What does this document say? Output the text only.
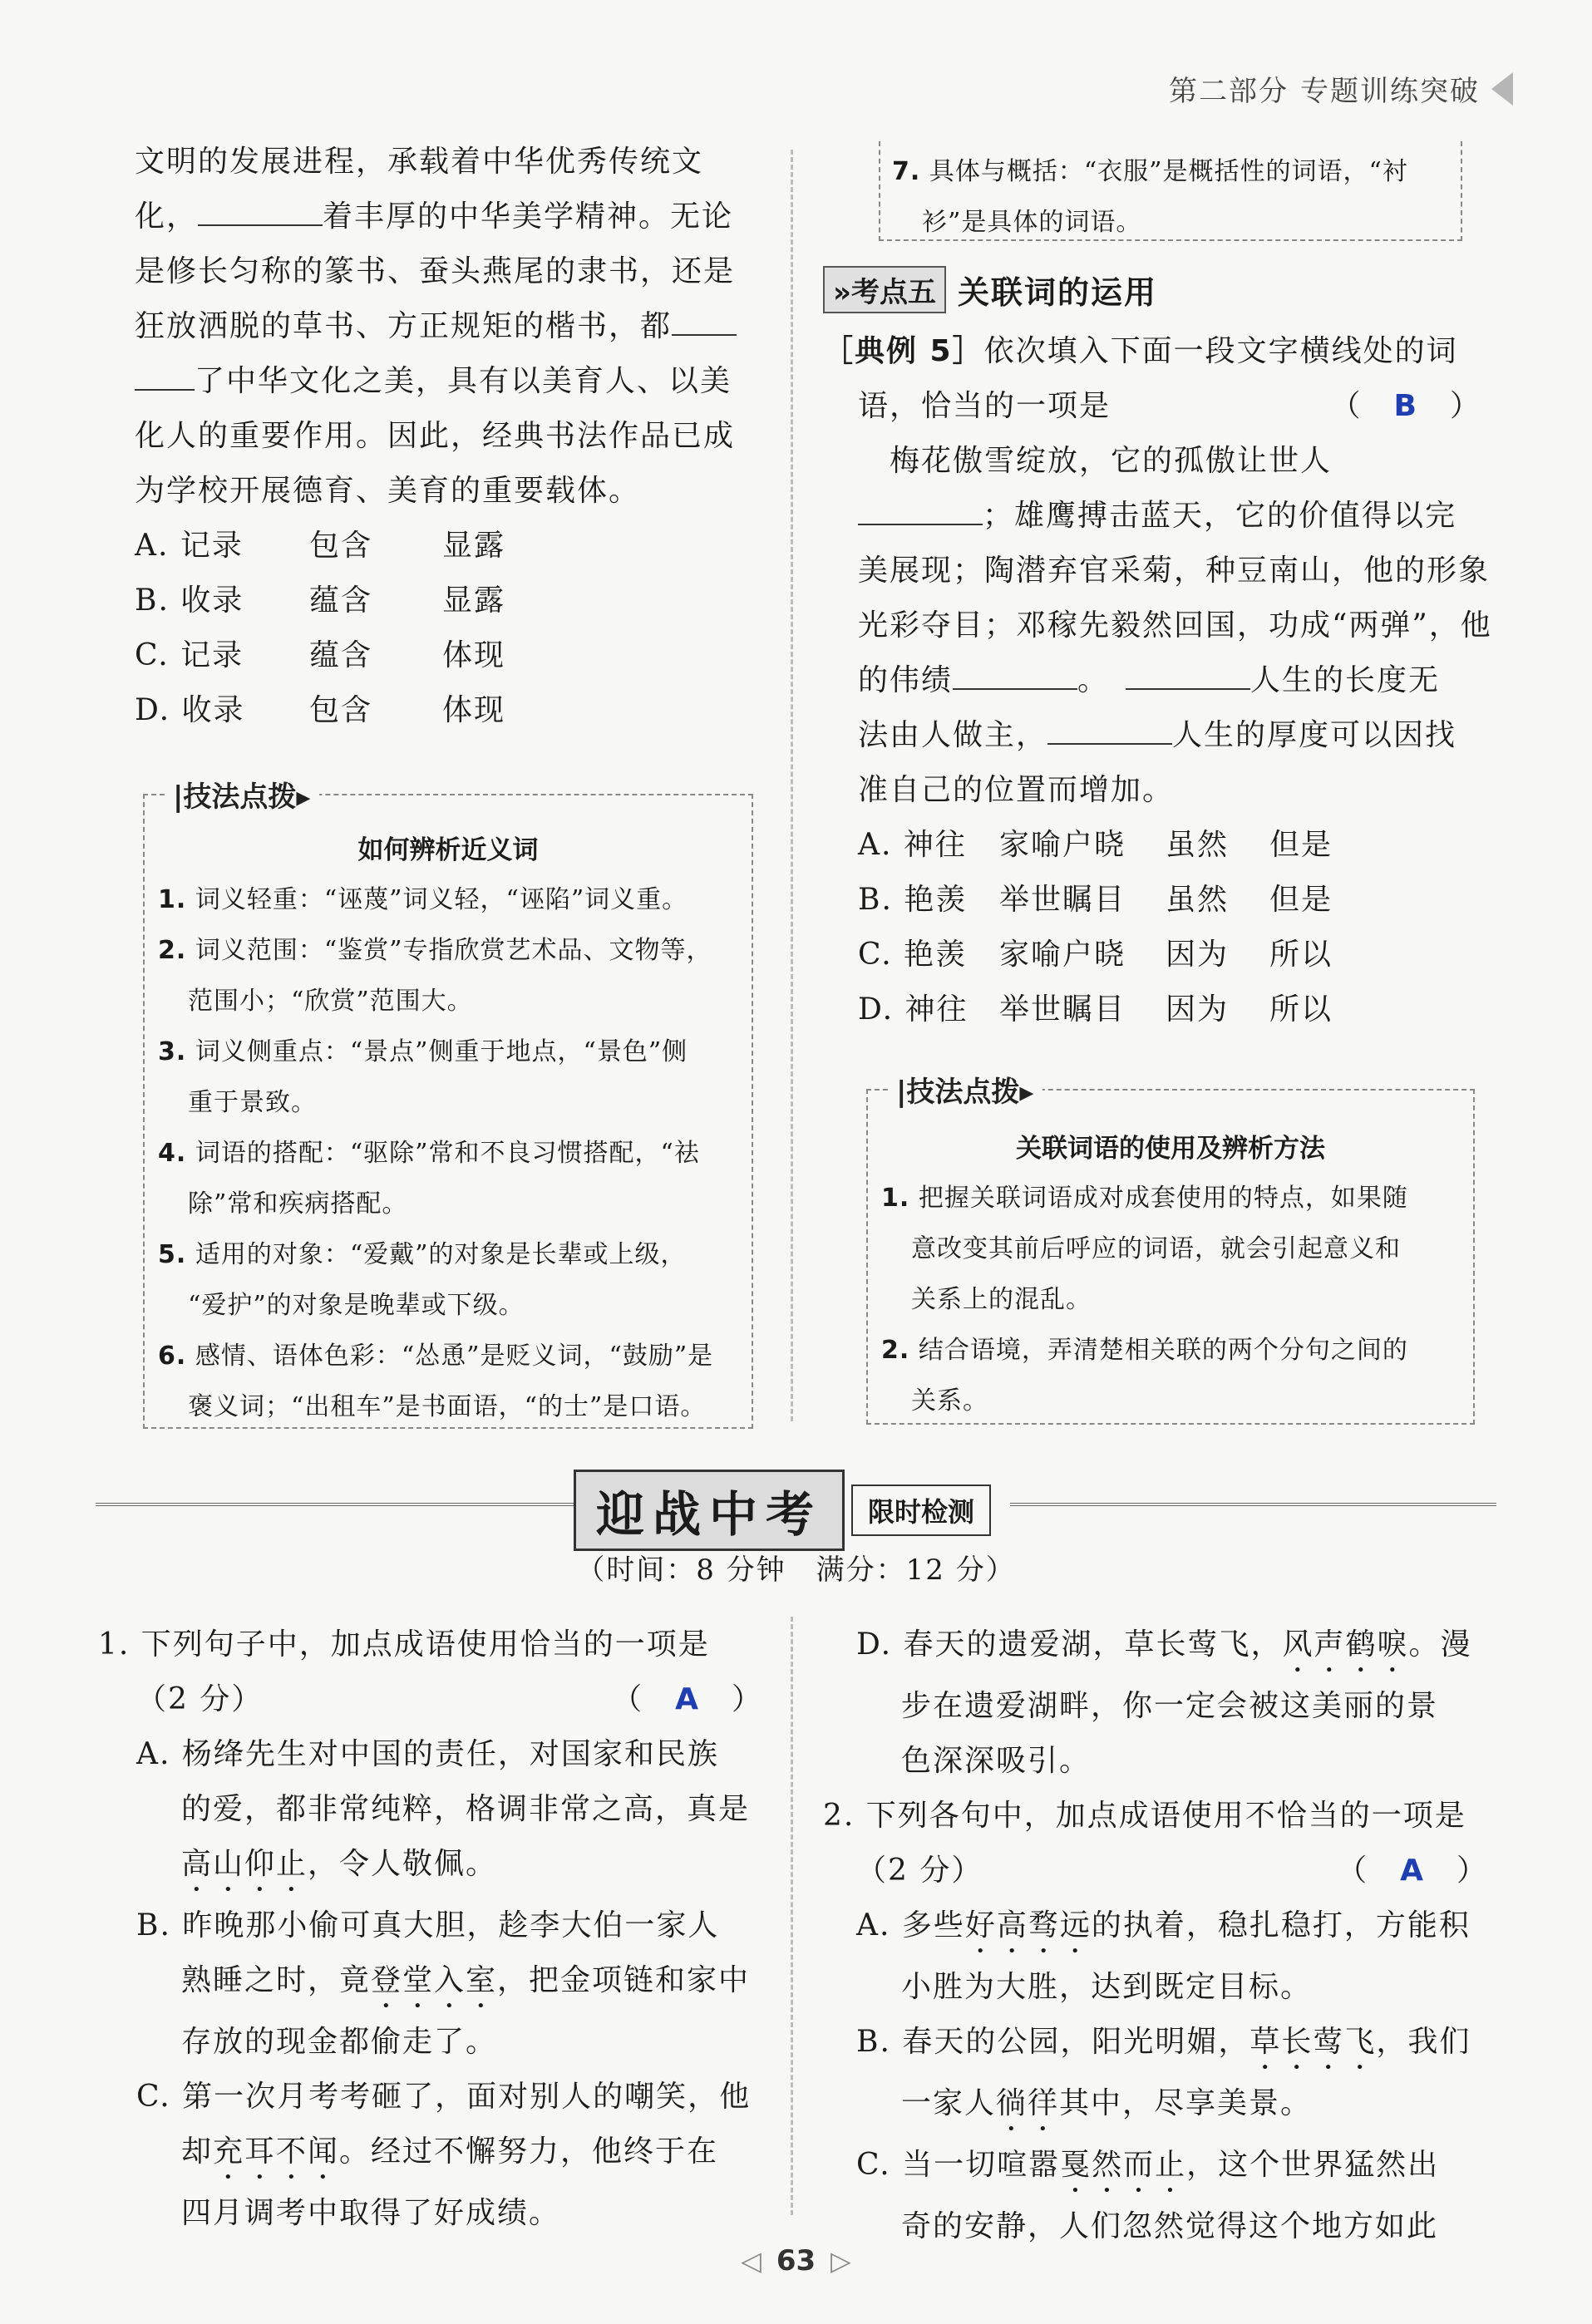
第二部分 专题训练突破
文明的发展进程，承载着中华优秀传统文
化，	着丰厚的中华美学精神。无论
是修长匀称的篆书、蚕头燕尾的隶书，还是
狂放洒脱的草书、方正规矩的楷书，都
了中华文化之美，具有以美育人、以美
化人的重要作用。因此，经典书法作品已成
为学校开展德育、美育的重要载体。
A. 记录 包含 显露
B. 收录 蕴含 显露
C. 记录 蕴含 体现
D. 收录 包含 体现
|技法点拨▸
如何辨析近义词
1. 词义轻重：“诬蔑”词义轻，“诬陷”词义重。
2. 词义范围：“鉴赏”专指欣赏艺术品、文物等，
范围小；“欣赏”范围大。
3. 词义侧重点：“景点”侧重于地点，“景色”侧
重于景致。
4. 词语的搭配：“驱除”常和不良习惯搭配，“祛
除”常和疾病搭配。
5. 适用的对象：“爱戴”的对象是长辈或上级，
“爱护”的对象是晚辈或下级。
6. 感情、语体色彩：“怂恿”是贬义词，“鼓励”是
褒义词；“出租车”是书面语，“的士”是口语。
7. 具体与概括：“衣服”是概括性的词语，“衬
衫”是具体的词语。
»考点五 关联词的运用
［典例 5］依次填入下面一段文字横线处的词
语，恰当的一项是	（　B　）
梅花傲雪绽放，它的孤傲让世人
；雄鹰搏击蓝天，它的价值得以完
美展现；陶潜弃官采菊，种豆南山，他的形象
光彩夺目；邓稼先毅然回国，功成“两弹”，他
的伟绩	。	人生的长度无
法由人做主，	人生的厚度可以因找
准自己的位置而增加。
A. 神往 家喻户晓 虽然 但是
B. 艳羡 举世瞩目 虽然 但是
C. 艳羡 家喻户晓 因为 所以
D. 神往 举世瞩目 因为 所以
|技法点拨▸
关联词语的使用及辨析方法
1. 把握关联词语成对成套使用的特点，如果随
意改变其前后呼应的词语，就会引起意义和
关系上的混乱。
2. 结合语境，弄清楚相关联的两个分句之间的
关系。
迎战中考	限时检测
（时间：8 分钟　满分：12 分）
1. 下列句子中，加点成语使用恰当的一项是
（2 分）	（　A　）
A. 杨绛先生对中国的责任，对国家和民族
的爱，都非常纯粹，格调非常之高，真是
高山仰止，令人敬佩。
B. 昨晚那小偷可真大胆，趁李大伯一家人
熟睡之时，竟登堂入室，把金项链和家中
存放的现金都偷走了。
C. 第一次月考考砸了，面对别人的嘲笑，他
却充耳不闻。经过不懈努力，他终于在
四月调考中取得了好成绩。
D. 春天的遗爱湖，草长莺飞，风声鹤唳。漫
步在遗爱湖畔，你一定会被这美丽的景
色深深吸引。
2. 下列各句中，加点成语使用不恰当的一项是
（2 分）	（　A　）
A. 多些好高骛远的执着，稳扎稳打，方能积
小胜为大胜，达到既定目标。
B. 春天的公园，阳光明媚，草长莺飞，我们
一家人徜徉其中，尽享美景。
C. 当一切喧嚣戛然而止，这个世界猛然出
奇的安静，人们忽然觉得这个地方如此
◁ 63 ▷
